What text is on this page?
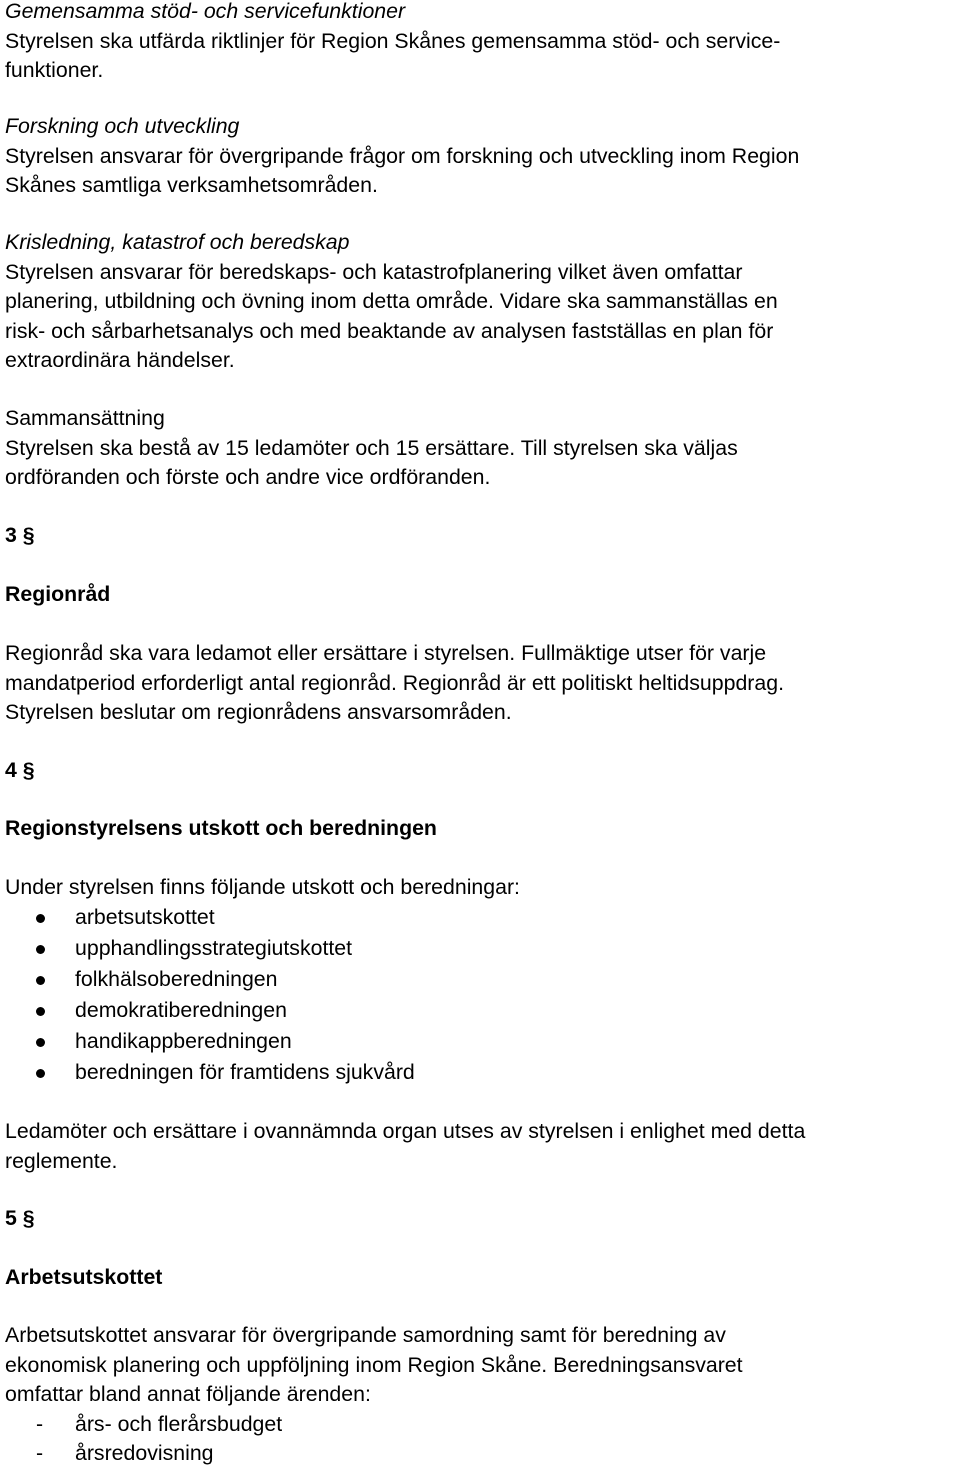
Gemensamma stöd- och servicefunktioner

Styrelsen ska utfärda riktlinjer för Region Skånes gemensamma stöd- och service-

funktioner.

Forskning och utveckling

Styrelsen ansvarar för övergripande frågor om forskning och utveckling inom Region

Skånes samtliga verksamhetsområden.

Krisledning, katastrof och beredskap

Styrelsen ansvarar för beredskaps- och katastrofplanering vilket även omfattar

planering, utbildning och övning inom detta område. Vidare ska sammanställas en

risk- och sårbarhetsanalys och med beaktande av analysen fastställas en plan för

extraordinära händelser.

Sammansättning

Styrelsen ska bestå av 15 ledamöter och 15 ersättare. Till styrelsen ska väljas

ordföranden och förste och andre vice ordföranden.

3 §

Regionråd

Regionråd ska vara ledamot eller ersättare i styrelsen. Fullmäktige utser för varje

mandatperiod erforderligt antal regionråd. Regionråd är ett politiskt heltidsuppdrag.

Styrelsen beslutar om regionrådens ansvarsområden.

4 §

Regionstyrelsens utskott och beredningen

Under styrelsen finns följande utskott och beredningar:

arbetsutskottet
upphandlingsstrategiutskottet
folkhälsoberedningen
demokratiberedningen
handikappberedningen
beredningen för framtidens sjukvård

Ledamöter och ersättare i ovannämnda organ utses av styrelsen i enlighet med detta

reglemente.

5 §

Arbetsutskottet

Arbetsutskottet ansvarar för övergripande samordning samt för beredning av

ekonomisk planering och uppföljning inom Region Skåne. Beredningsansvaret

omfattar bland annat följande ärenden:

- års- och flerårsbudget
- årsredovisning
